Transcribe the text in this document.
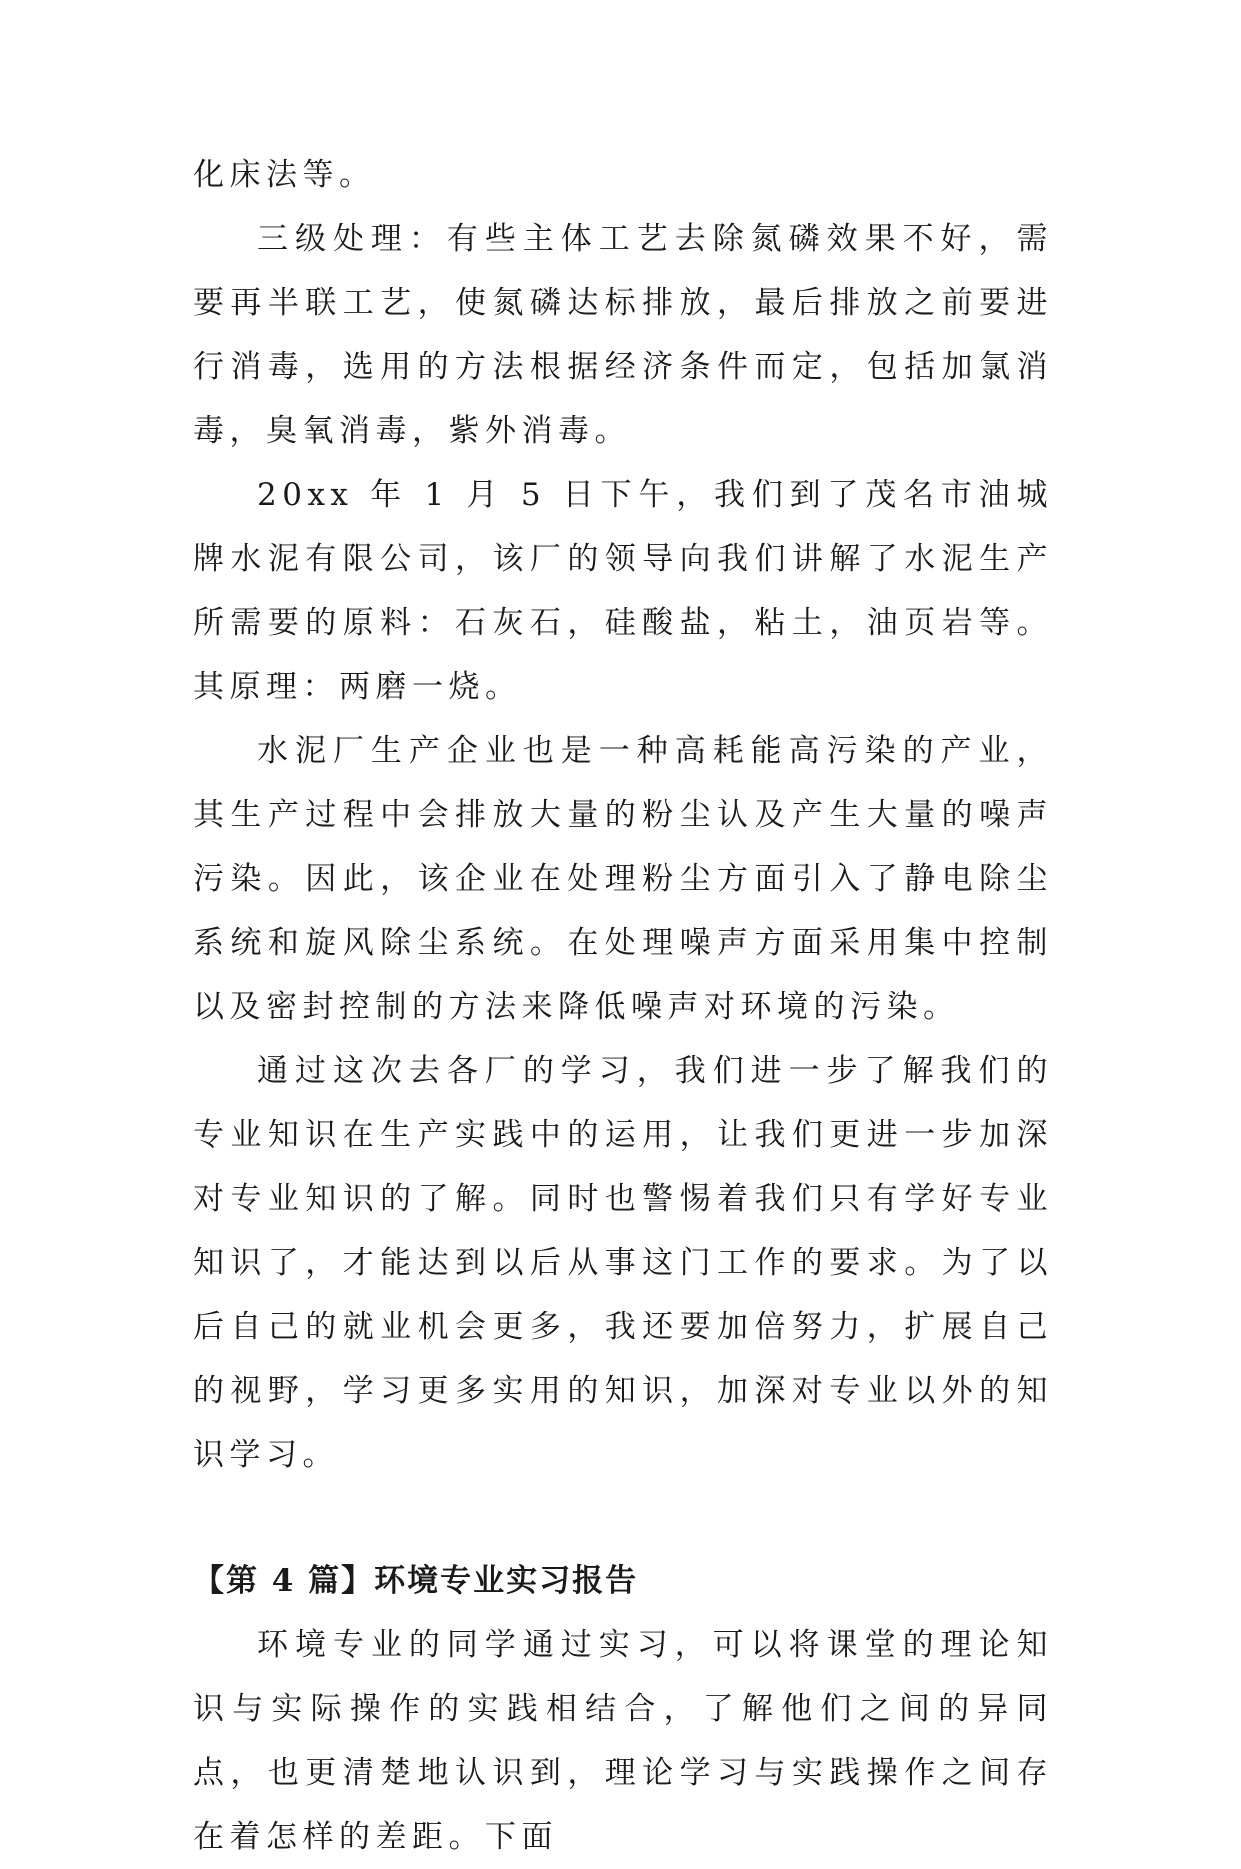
化床法等。

三级处理：有些主体工艺去除氮磷效果不好，需要再半联工艺，使氮磷达标排放，最后排放之前要进行消毒，选用的方法根据经济条件而定，包括加氯消毒，臭氧消毒，紫外消毒。

20xx 年 1 月 5 日下午，我们到了茂名市油城牌水泥有限公司，该厂的领导向我们讲解了水泥生产所需要的原料：石灰石，硅酸盐，粘土，油页岩等。其原理：两磨一烧。

水泥厂生产企业也是一种高耗能高污染的产业，其生产过程中会排放大量的粉尘认及产生大量的噪声污染。因此，该企业在处理粉尘方面引入了静电除尘系统和旋风除尘系统。在处理噪声方面采用集中控制以及密封控制的方法来降低噪声对环境的污染。

通过这次去各厂的学习，我们进一步了解我们的专业知识在生产实践中的运用，让我们更进一步加深对专业知识的了解。同时也警惕着我们只有学好专业知识了，才能达到以后从事这门工作的要求。为了以后自己的就业机会更多，我还要加倍努力，扩展自己的视野，学习更多实用的知识，加深对专业以外的知识学习。

【第 4 篇】环境专业实习报告

环境专业的同学通过实习，可以将课堂的理论知识与实际操作的实践相结合，了解他们之间的异同点，也更清楚地认识到，理论学习与实践操作之间存在着怎样的差距。下面
